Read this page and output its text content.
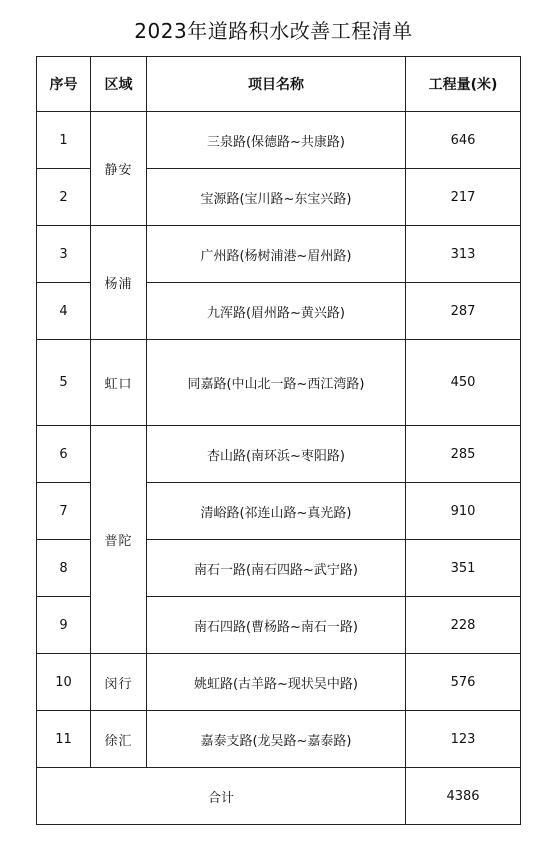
2023年道路积水改善工程清单
序号	区域	项目名称	工程量(米)
1	静安	三泉路(保德路~共康路)	646
2		宝源路(宝川路~东宝兴路)	217
3	杨浦	广州路(杨树浦港~眉州路)	313
4		九浑路(眉州路~黄兴路)	287
5	虹口	同嘉路(中山北一路~西江湾路)	450
6	普陀	杏山路(南环浜~枣阳路)	285
7		清峪路(祁连山路~真光路)	910
8		南石一路(南石四路~武宁路)	351
9		南石四路(曹杨路~南石一路)	228
10	闵行	姚虹路(古羊路~现状吴中路)	576
11	徐汇	嘉泰支路(龙吴路~嘉泰路)	123
合计			4386
